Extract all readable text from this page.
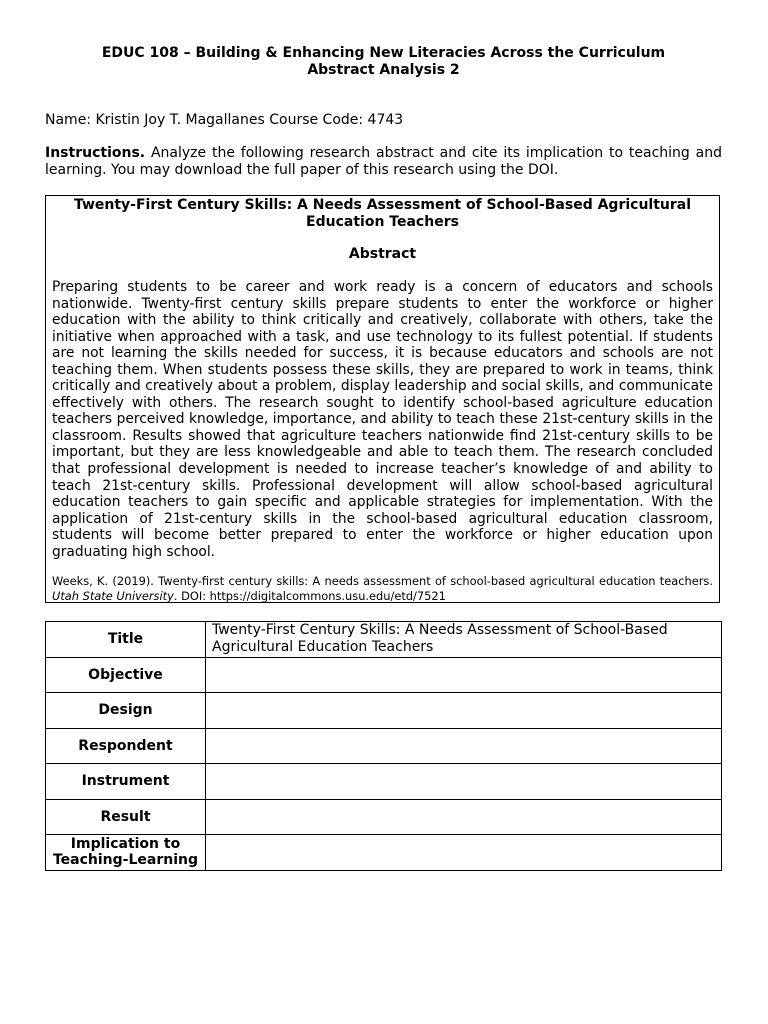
EDUC 108 – Building & Enhancing New Literacies Across the Curriculum
Abstract Analysis 2
Name: Kristin Joy T. Magallanes Course Code: 4743
Instructions. Analyze the following research abstract and cite its implication to teaching and learning. You may download the full paper of this research using the DOI.
Twenty-First Century Skills: A Needs Assessment of School-Based Agricultural Education Teachers
Abstract
Preparing students to be career and work ready is a concern of educators and schools nationwide. Twenty-first century skills prepare students to enter the workforce or higher education with the ability to think critically and creatively, collaborate with others, take the initiative when approached with a task, and use technology to its fullest potential. If students are not learning the skills needed for success, it is because educators and schools are not teaching them. When students possess these skills, they are prepared to work in teams, think critically and creatively about a problem, display leadership and social skills, and communicate effectively with others. The research sought to identify school-based agriculture education teachers perceived knowledge, importance, and ability to teach these 21st-century skills in the classroom. Results showed that agriculture teachers nationwide find 21st-century skills to be important, but they are less knowledgeable and able to teach them. The research concluded that professional development is needed to increase teacher’s knowledge of and ability to teach 21st-century skills. Professional development will allow school-based agricultural education teachers to gain specific and applicable strategies for implementation. With the application of 21st-century skills in the school-based agricultural education classroom, students will become better prepared to enter the workforce or higher education upon graduating high school.
Weeks, K. (2019). Twenty-first century skills: A needs assessment of school-based agricultural education teachers. Utah State University. DOI: https://digitalcommons.usu.edu/etd/7521
Title	Twenty-First Century Skills: A Needs Assessment of School-Based Agricultural Education Teachers
Objective	
Design	
Respondent	
Instrument	
Result	
Implication to Teaching-Learning	
